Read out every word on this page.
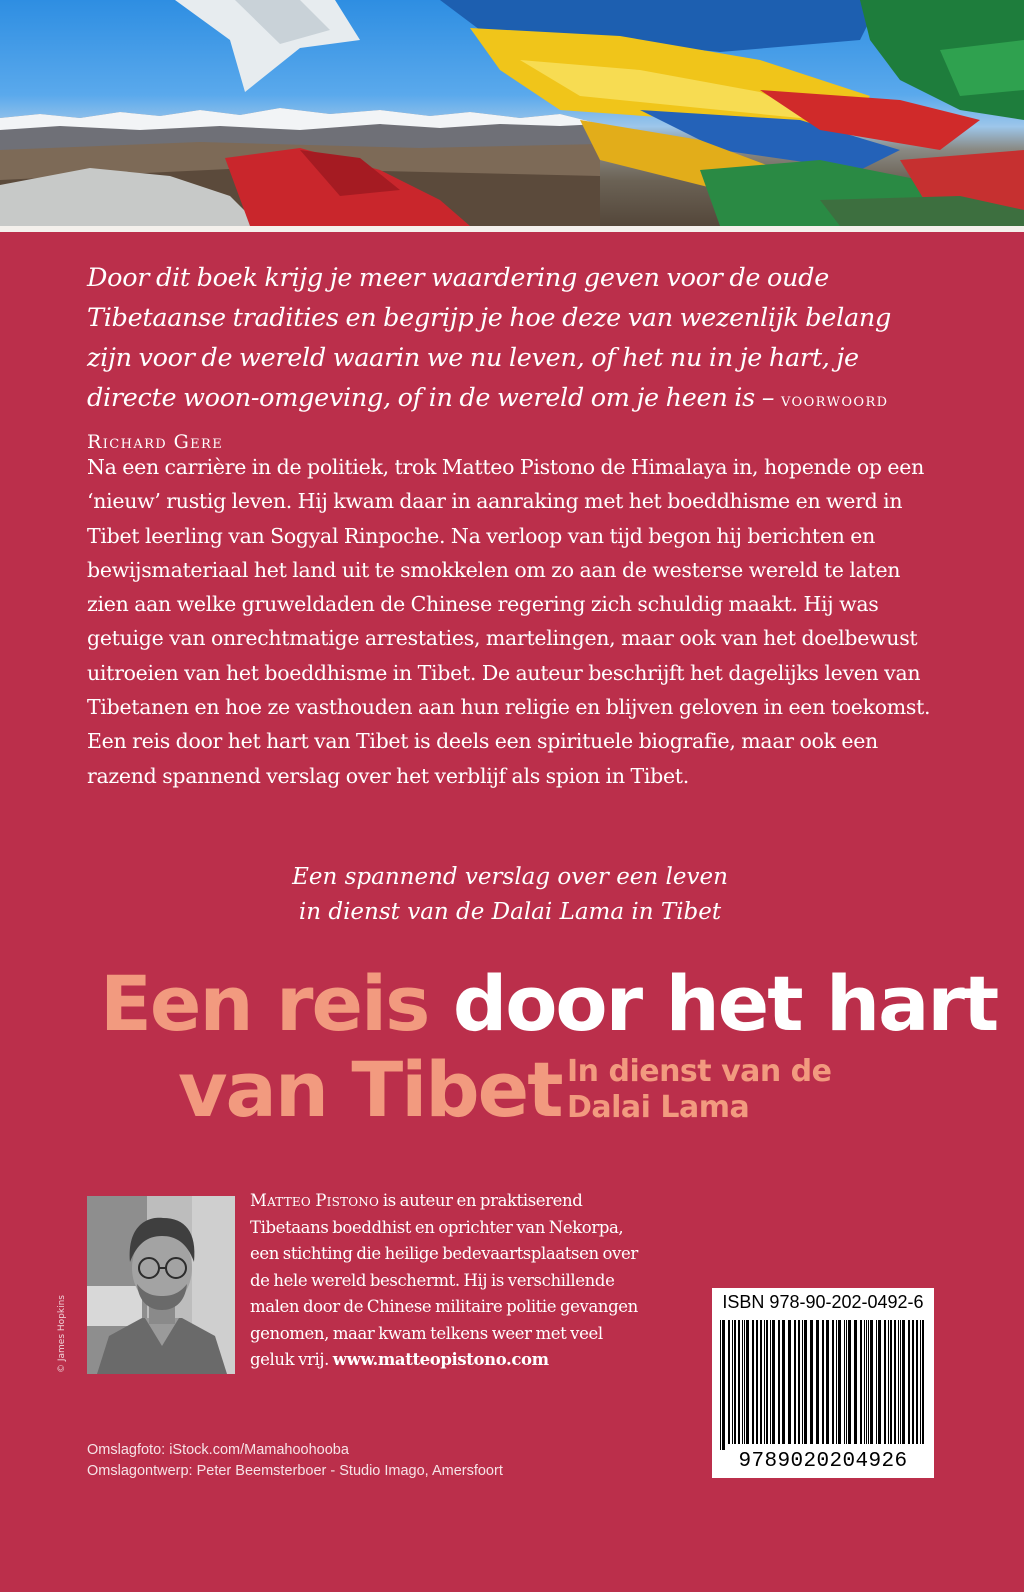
Door dit boek krijg je meer waardering geven voor de oude Tibetaanse tradities en begrijp je hoe deze van wezenlijk belang zijn voor de wereld waarin we nu leven, of het nu in je hart, je directe woon-omgeving, of in de wereld om je heen is – voorwoord Richard Gere

Na een carrière in de politiek, trok Matteo Pistono de Himalaya in, hopende op een ‘nieuw’ rustig leven. Hij kwam daar in aanraking met het boeddhisme en werd in Tibet leerling van Sogyal Rinpoche. Na verloop van tijd begon hij berichten en bewijsmateriaal het land uit te smokkelen om zo aan de westerse wereld te laten zien aan welke gruweldaden de Chinese regering zich schuldig maakt. Hij was getuige van onrechtmatige arrestaties, martelingen, maar ook van het doelbewust uitroeien van het boeddhisme in Tibet. De auteur beschrijft het dagelijks leven van Tibetanen en hoe ze vasthouden aan hun religie en blijven geloven in een toekomst. Een reis door het hart van Tibet is deels een spirituele biografie, maar ook een razend spannend verslag over het verblijf als spion in Tibet.

Een spannend verslag over een leven
in dienst van de Dalai Lama in Tibet

Een reis door het hart
van Tibet In dienst van de
Dalai Lama

© James Hopkins

Matteo Pistono is auteur en praktiserend Tibetaans boeddhist en oprichter van Nekorpa, een stichting die heilige bedevaartsplaatsen over de hele wereld beschermt. Hij is verschillende malen door de Chinese militaire politie gevangen genomen, maar kwam telkens weer met veel geluk vrij. www.matteopistono.com

ISBN 978-90-202-0492-6

9789020204926

Omslagfoto: iStock.com/Mamahoohooba

Omslagontwerp: Peter Beemsterboer - Studio Imago, Amersfoort
